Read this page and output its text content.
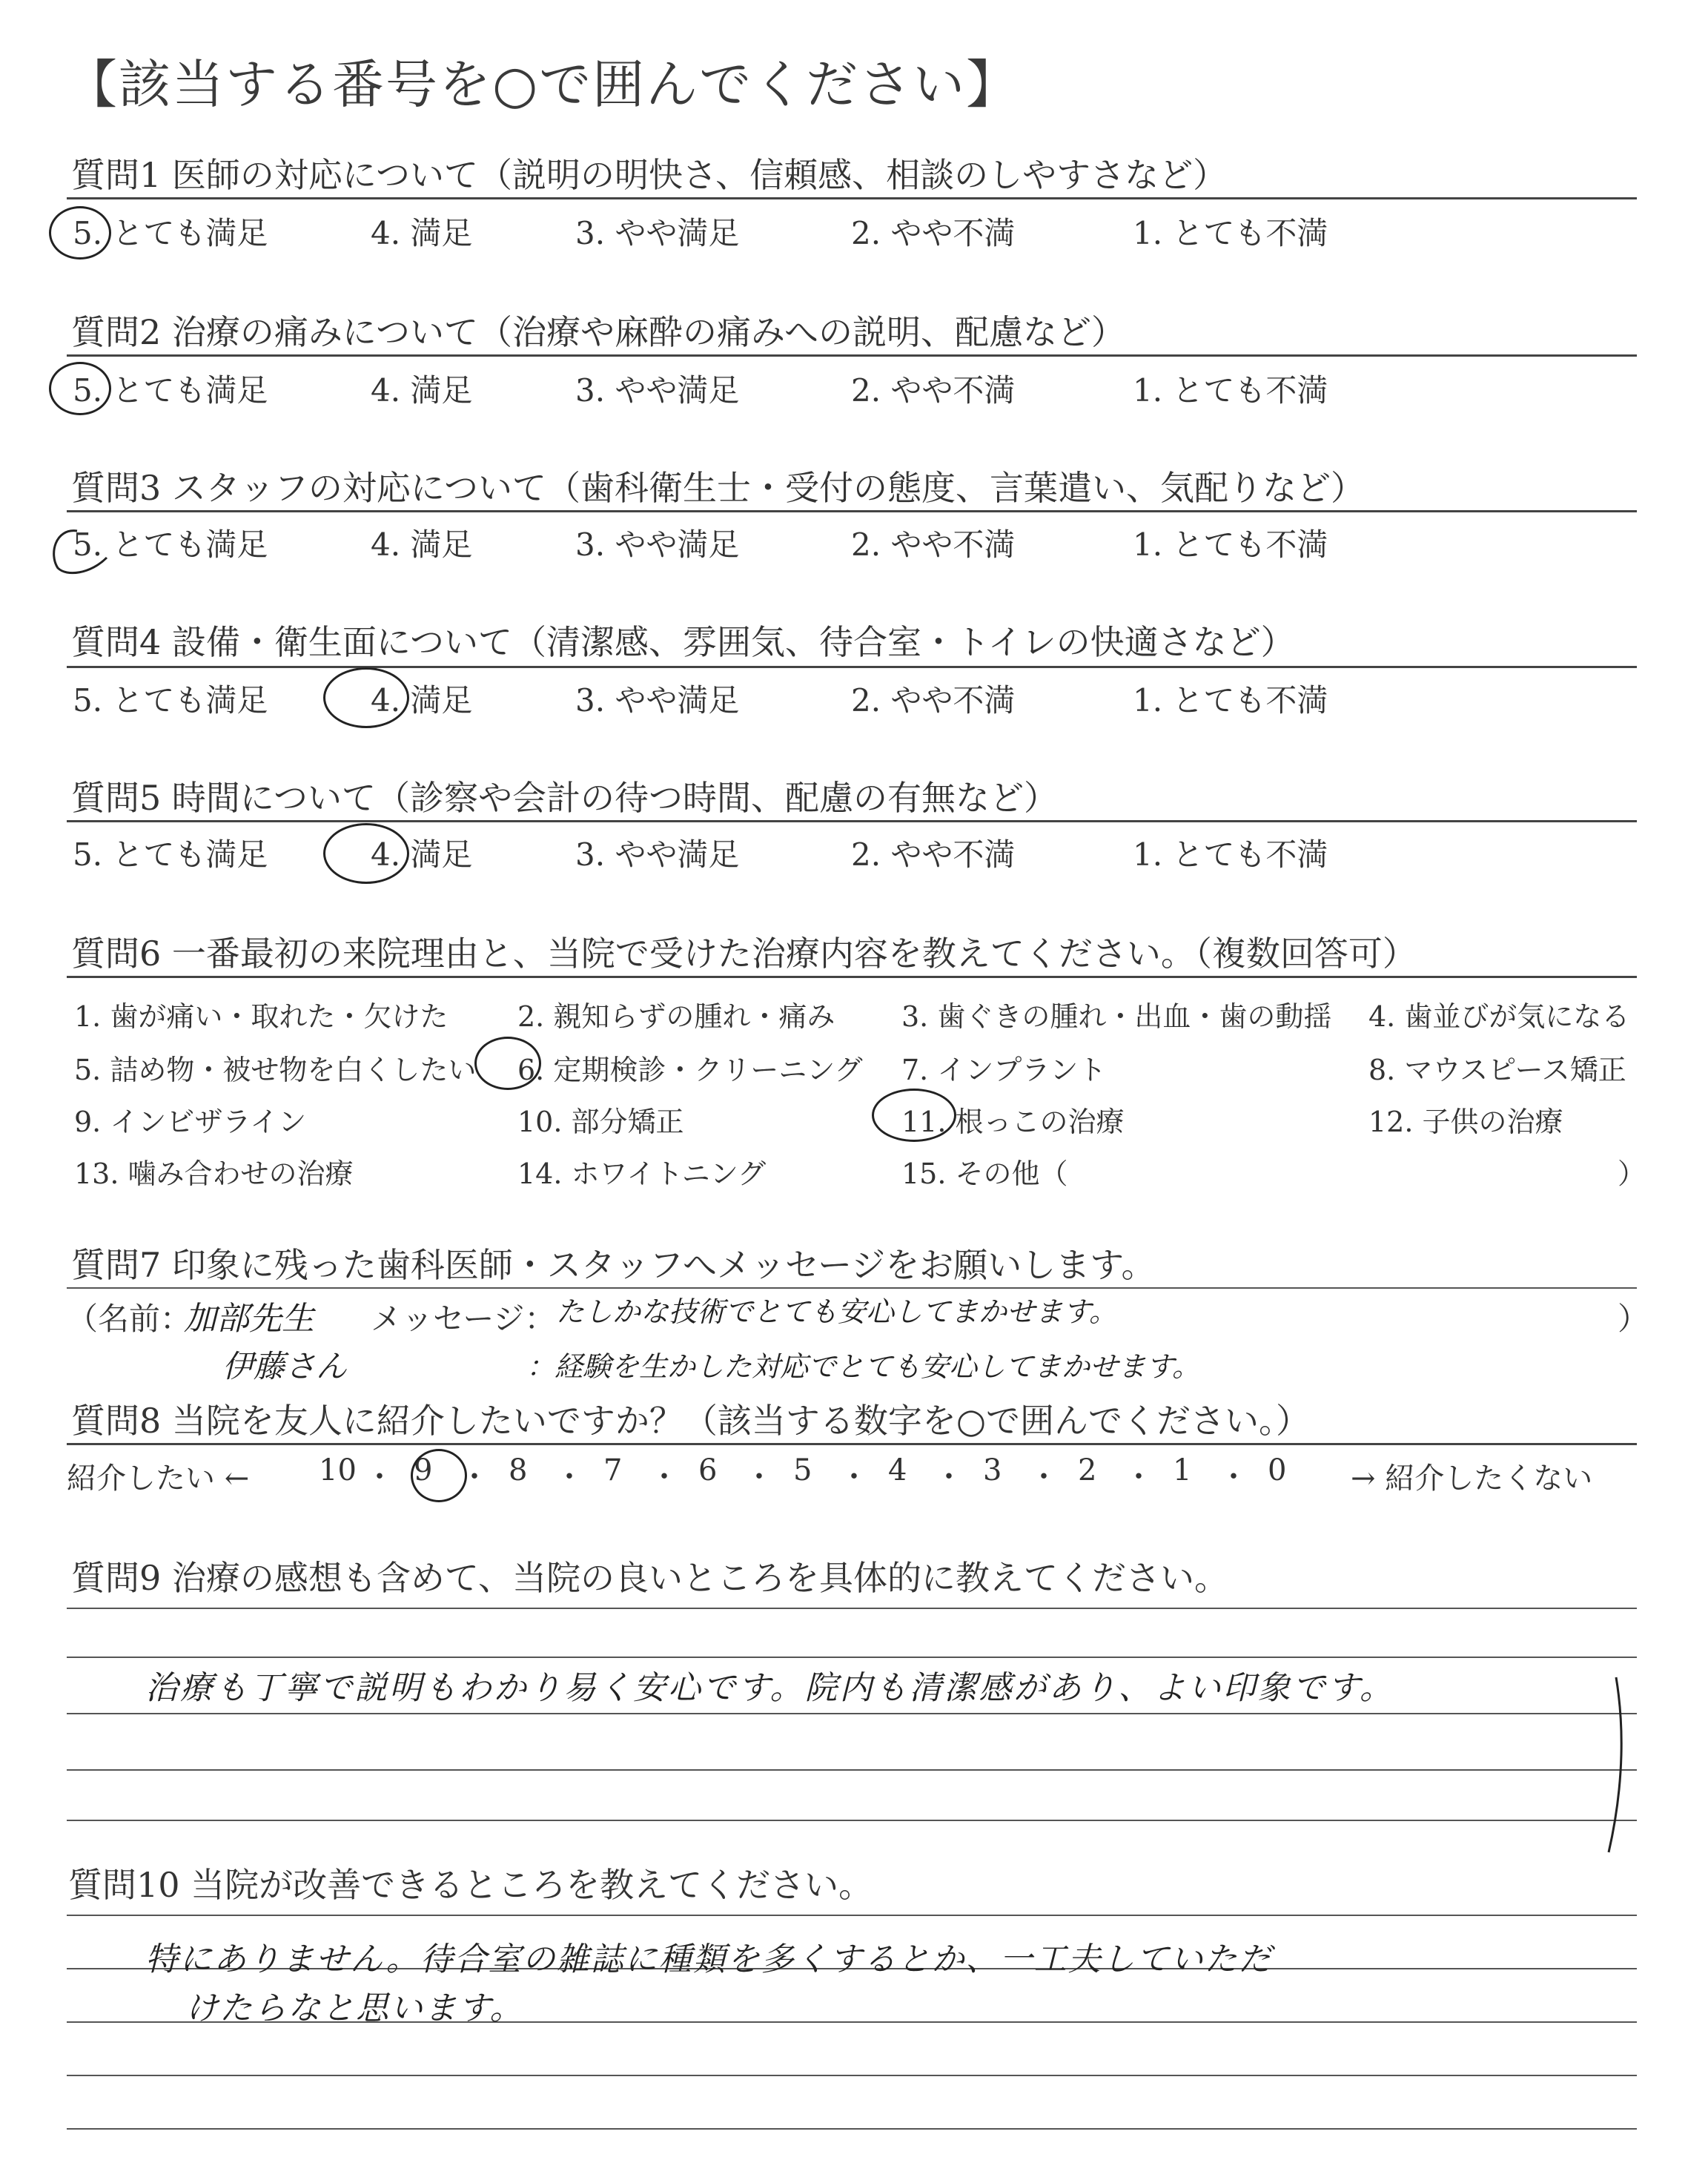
【該当する番号を○で囲んでください】
質問1 医師の対応について（説明の明快さ、信頼感、相談のしやすさなど）
5. とても満足	4. 満足	3. やや満足	2. やや不満	1. とても不満
質問2 治療の痛みについて（治療や麻酔の痛みへの説明、配慮など）
5. とても満足	4. 満足	3. やや満足	2. やや不満	1. とても不満
質問3 スタッフの対応について（歯科衛生士・受付の態度、言葉遣い、気配りなど）
5. とても満足	4. 満足	3. やや満足	2. やや不満	1. とても不満
質問4 設備・衛生面について（清潔感、雰囲気、待合室・トイレの快適さなど）
5. とても満足	4. 満足	3. やや満足	2. やや不満	1. とても不満
質問5 時間について（診察や会計の待つ時間、配慮の有無など）
5. とても満足	4. 満足	3. やや満足	2. やや不満	1. とても不満
質問6 一番最初の来院理由と、当院で受けた治療内容を教えてください。（複数回答可）
1. 歯が痛い・取れた・欠けた 2. 親知らずの腫れ・痛み 3. 歯ぐきの腫れ・出血・歯の動揺 4. 歯並びが気になる
5. 詰め物・被せ物を白くしたい 6. 定期検診・クリーニング 7. インプラント	8. マウスピース矯正
9. インビザライン	10. 部分矯正	11. 根っこの治療	12. 子供の治療
13. 噛み合わせの治療	14. ホワイトニング	15. その他（	）
質問7 印象に残った歯科医師・スタッフへメッセージをお願いします。
（名前：
加部先生 メッセージ： たしかな技術でとても安心してまかせます。	）
伊藤さん	：経験を生かした対応でとても安心してまかせます。
質問8 当院を友人に紹介したいですか？（該当する数字を○で囲んでください。）
紹介したい ←	→ 紹介したくない
10 ・ 9 ・ 8 ・ 7 ・ 6 ・ 5 ・ 4 ・ 3 ・ 2 ・ 1 ・ 0
質問9 治療の感想も含めて、当院の良いところを具体的に教えてください。
治療も丁寧で説明もわかり易く安心です。院内も清潔感があり、よい印象です。
質問10 当院が改善できるところを教えてください。
特にありません。待合室の雑誌に種類を多くするとか、一工夫していただ
けたらなと思います。
